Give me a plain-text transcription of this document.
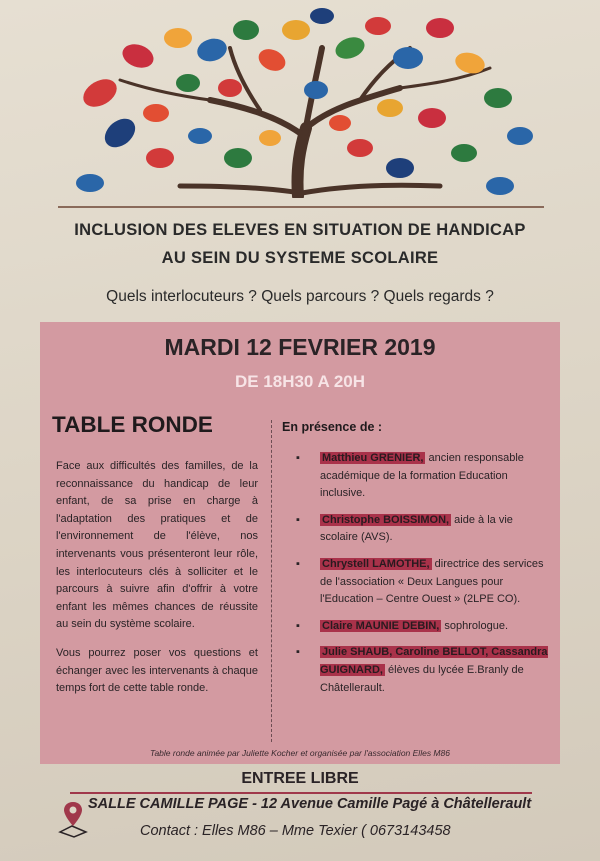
INCLUSION DES ELEVES EN SITUATION DE HANDICAP
AU SEIN DU SYSTEME SCOLAIRE
Quels interlocuteurs ? Quels parcours ? Quels regards ?
MARDI 12 FEVRIER 2019
DE 18H30 A 20H
TABLE RONDE

Face aux difficultés des familles, de la reconnaissance du handicap de leur enfant, de sa prise en charge à l'adaptation des pratiques et de l'environnement de l'élève, nos intervenants vous présenteront leur rôle, les interlocuteurs clés à solliciter et le parcours à suivre afin d'offrir à votre enfant les mêmes chances de réussite au sein du système scolaire.

Vous pourrez poser vos questions et échanger avec les intervenants à chaque temps fort de cette table ronde.

En présence de :
▪ Matthieu GRENIER, ancien responsable académique de la formation Education inclusive.
▪ Christophe BOISSIMON, aide à la vie scolaire (AVS).
▪ Chrystell LAMOTHE, directrice des services de l'association « Deux Langues pour l'Education – Centre Ouest » (2LPE CO).
▪ Claire MAUNIE DEBIN, sophrologue.
▪ Julie SHAUB, Caroline BELLOT, Cassandra GUIGNARD, élèves du lycée E.Branly de Châtellerault.
Table ronde animée par Juliette Kocher et organisée par l'association Elles M86
ENTREE LIBRE
SALLE CAMILLE PAGE - 12 Avenue Camille Pagé à Châtellerault
Contact : Elles M86 – Mme Texier ( 0673143458
